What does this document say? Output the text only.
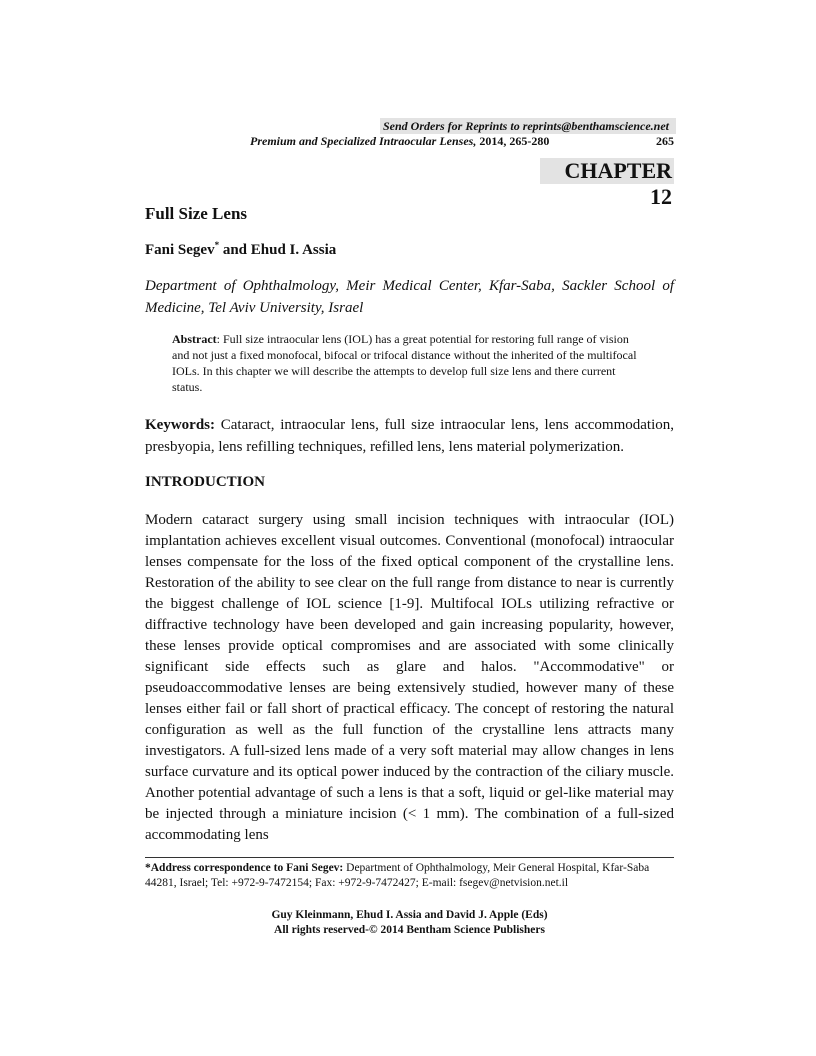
Send Orders for Reprints to reprints@benthamscience.net
Premium and Specialized Intraocular Lenses, 2014, 265-280	265
CHAPTER 12
Full Size Lens
Fani Segev* and Ehud I. Assia
Department of Ophthalmology, Meir Medical Center, Kfar-Saba, Sackler School of Medicine, Tel Aviv University, Israel
Abstract: Full size intraocular lens (IOL) has a great potential for restoring full range of vision and not just a fixed monofocal, bifocal or trifocal distance without the inherited of the multifocal IOLs. In this chapter we will describe the attempts to develop full size lens and there current status.
Keywords: Cataract, intraocular lens, full size intraocular lens, lens accommodation, presbyopia, lens refilling techniques, refilled lens, lens material polymerization.
INTRODUCTION
Modern cataract surgery using small incision techniques with intraocular (IOL) implantation achieves excellent visual outcomes. Conventional (monofocal) intraocular lenses compensate for the loss of the fixed optical component of the crystalline lens. Restoration of the ability to see clear on the full range from distance to near is currently the biggest challenge of IOL science [1-9]. Multifocal IOLs utilizing refractive or diffractive technology have been developed and gain increasing popularity, however, these lenses provide optical compromises and are associated with some clinically significant side effects such as glare and halos. "Accommodative" or pseudoaccommodative lenses are being extensively studied, however many of these lenses either fail or fall short of practical efficacy. The concept of restoring the natural configuration as well as the full function of the crystalline lens attracts many investigators. A full-sized lens made of a very soft material may allow changes in lens surface curvature and its optical power induced by the contraction of the ciliary muscle. Another potential advantage of such a lens is that a soft, liquid or gel-like material may be injected through a miniature incision (< 1 mm). The combination of a full-sized accommodating lens
*Address correspondence to Fani Segev: Department of Ophthalmology, Meir General Hospital, Kfar-Saba 44281, Israel; Tel: +972-9-7472154; Fax: +972-9-7472427; E-mail: fsegev@netvision.net.il
Guy Kleinmann, Ehud I. Assia and David J. Apple (Eds)
All rights reserved-© 2014 Bentham Science Publishers
